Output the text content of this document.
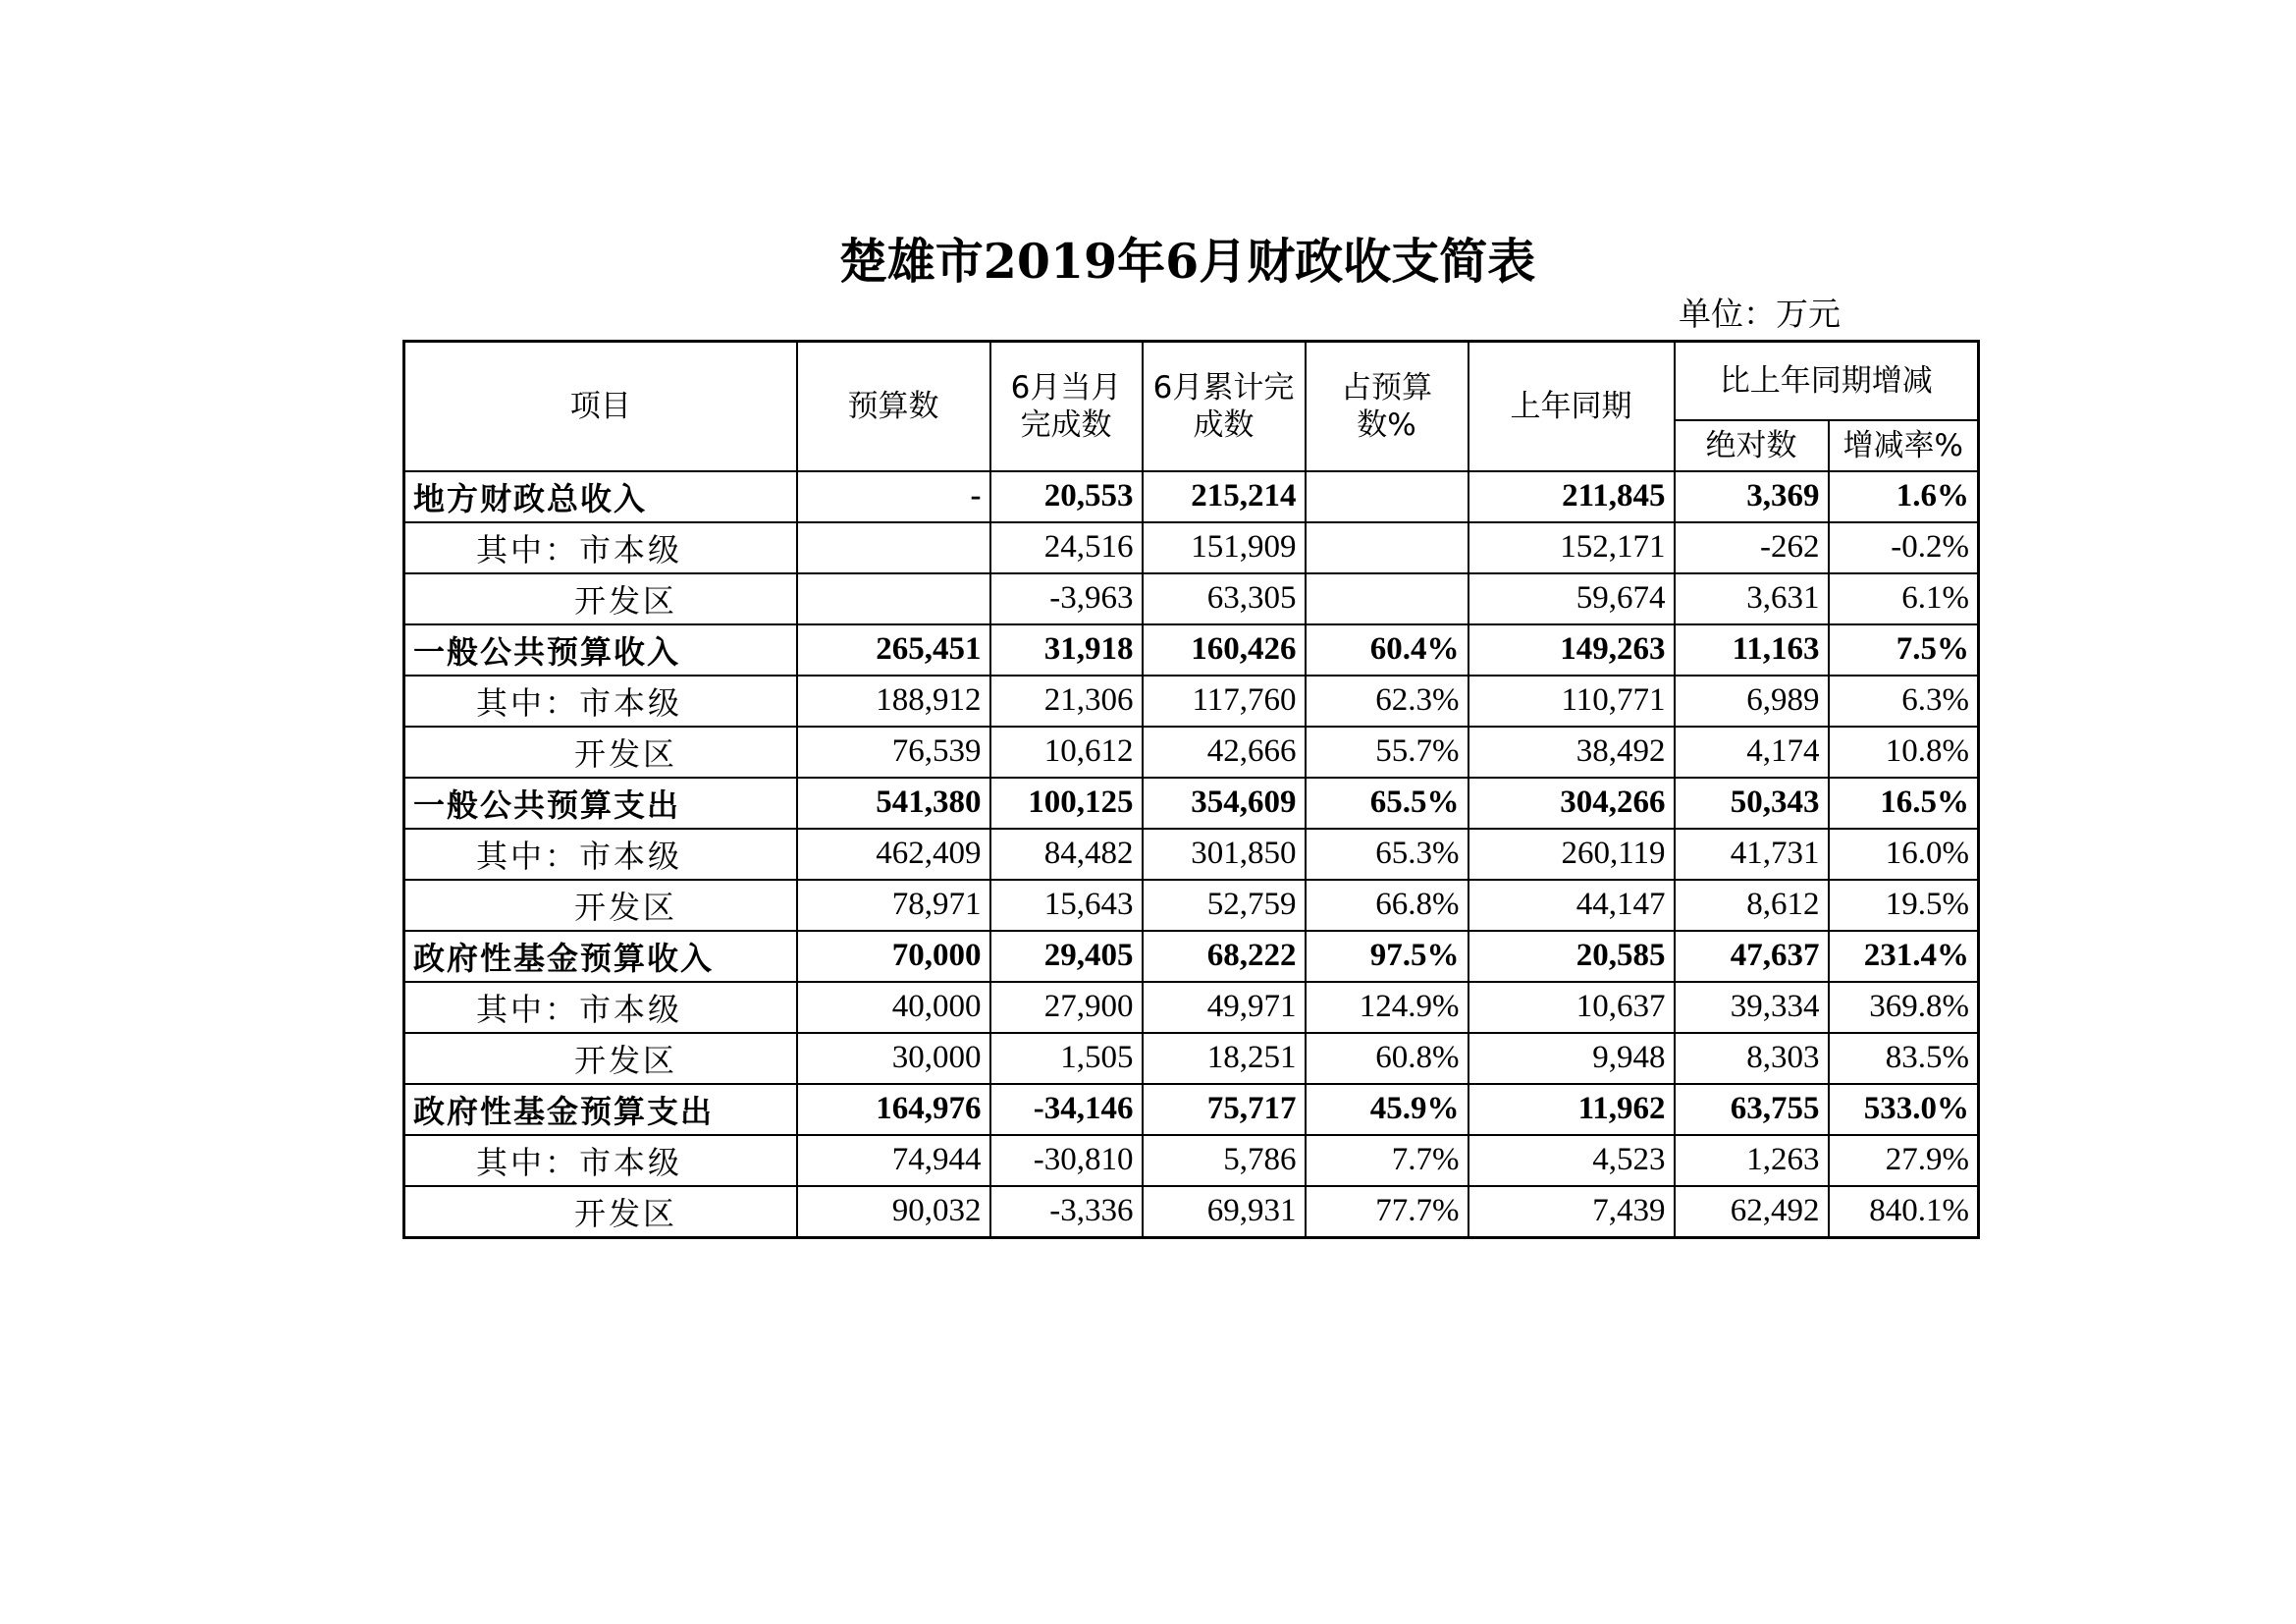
楚雄市2019年6月财政收支简表
单位：万元
项目	预算数	6月当月完成数	6月累计完成数	占预算数%	上年同期	比上年同期增减	
						绝对数	增减率%
地方财政总收入	-	20,553	215,214		211,845	3,369	1.6%
其中：市本级		24,516	151,909		152,171	-262	-0.2%
开发区		-3,963	63,305		59,674	3,631	6.1%
一般公共预算收入	265,451	31,918	160,426	60.4%	149,263	11,163	7.5%
其中：市本级	188,912	21,306	117,760	62.3%	110,771	6,989	6.3%
开发区	76,539	10,612	42,666	55.7%	38,492	4,174	10.8%
一般公共预算支出	541,380	100,125	354,609	65.5%	304,266	50,343	16.5%
其中：市本级	462,409	84,482	301,850	65.3%	260,119	41,731	16.0%
开发区	78,971	15,643	52,759	66.8%	44,147	8,612	19.5%
政府性基金预算收入	70,000	29,405	68,222	97.5%	20,585	47,637	231.4%
其中：市本级	40,000	27,900	49,971	124.9%	10,637	39,334	369.8%
开发区	30,000	1,505	18,251	60.8%	9,948	8,303	83.5%
政府性基金预算支出	164,976	-34,146	75,717	45.9%	11,962	63,755	533.0%
其中：市本级	74,944	-30,810	5,786	7.7%	4,523	1,263	27.9%
开发区	90,032	-3,336	69,931	77.7%	7,439	62,492	840.1%
